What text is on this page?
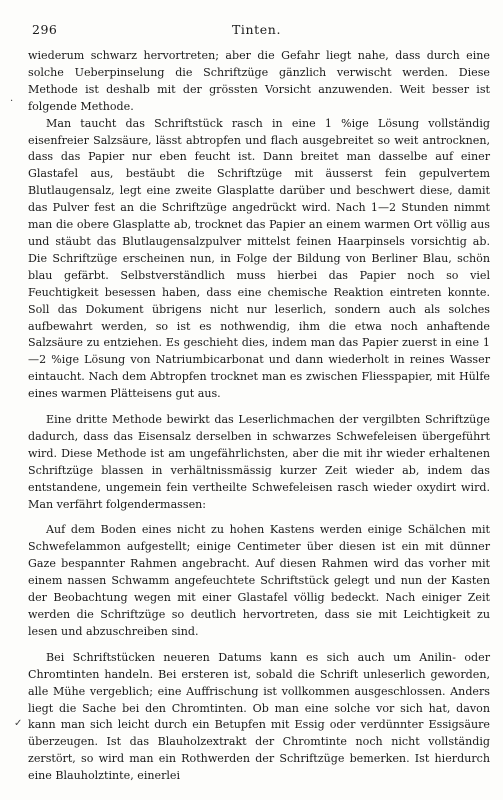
296	Tinten.

wiederum schwarz hervortreten; aber die Gefahr liegt nahe, dass durch eine solche Ueberpinselung die Schriftzüge gänzlich verwischt werden. Diese Methode ist deshalb mit der grössten Vorsicht anzuwenden. Weit besser ist folgende Methode.

Man taucht das Schriftstück rasch in eine 1 %ige Lösung vollständig eisenfreier Salzsäure, lässt abtropfen und flach ausgebreitet so weit antrocknen, dass das Papier nur eben feucht ist. Dann breitet man dasselbe auf einer Glastafel aus, bestäubt die Schriftzüge mit äusserst fein gepulvertem Blutlaugensalz, legt eine zweite Glasplatte darüber und beschwert diese, damit das Pulver fest an die Schriftzüge angedrückt wird. Nach 1—2 Stunden nimmt man die obere Glasplatte ab, trocknet das Papier an einem warmen Ort völlig aus und stäubt das Blutlaugensalzpulver mittelst feinen Haarpinsels vorsichtig ab. Die Schriftzüge erscheinen nun, in Folge der Bildung von Berliner Blau, schön blau gefärbt. Selbstverständlich muss hierbei das Papier noch so viel Feuchtigkeit besessen haben, dass eine chemische Reaktion eintreten konnte. Soll das Dokument übrigens nicht nur leserlich, sondern auch als solches aufbewahrt werden, so ist es nothwendig, ihm die etwa noch anhaftende Salzsäure zu entziehen. Es geschieht dies, indem man das Papier zuerst in eine 1—2 %ige Lösung von Natriumbicarbonat und dann wiederholt in reines Wasser eintaucht. Nach dem Abtropfen trocknet man es zwischen Fliesspapier, mit Hülfe eines warmen Plätteisens gut aus.

Eine dritte Methode bewirkt das Leserlichmachen der vergilbten Schriftzüge dadurch, dass das Eisensalz derselben in schwarzes Schwefeleisen übergeführt wird. Diese Methode ist am ungefährlichsten, aber die mit ihr wieder erhaltenen Schriftzüge blassen in verhältnissmässig kurzer Zeit wieder ab, indem das entstandene, ungemein fein vertheilte Schwefeleisen rasch wieder oxydirt wird. Man verfährt folgendermassen:

Auf dem Boden eines nicht zu hohen Kastens werden einige Schälchen mit Schwefelammon aufgestellt; einige Centimeter über diesen ist ein mit dünner Gaze bespannter Rahmen angebracht. Auf diesen Rahmen wird das vorher mit einem nassen Schwamm angefeuchtete Schriftstück gelegt und nun der Kasten der Beobachtung wegen mit einer Glastafel völlig bedeckt. Nach einiger Zeit werden die Schriftzüge so deutlich hervortreten, dass sie mit Leichtigkeit zu lesen und abzuschreiben sind.

Bei Schriftstücken neueren Datums kann es sich auch um Anilin- oder Chromtinten handeln. Bei ersteren ist, sobald die Schrift unleserlich geworden, alle Mühe vergeblich; eine Auffrischung ist vollkommen ausgeschlossen. Anders liegt die Sache bei den Chromtinten. Ob man eine solche vor sich hat, davon kann man sich leicht durch ein Betupfen mit Essig oder verdünnter Essigsäure überzeugen. Ist das Blauholzextrakt der Chromtinte noch nicht vollständig zerstört, so wird man ein Rothwerden der Schriftzüge bemerken. Ist hierdurch eine Blauholztinte, einerlei

·
✓
